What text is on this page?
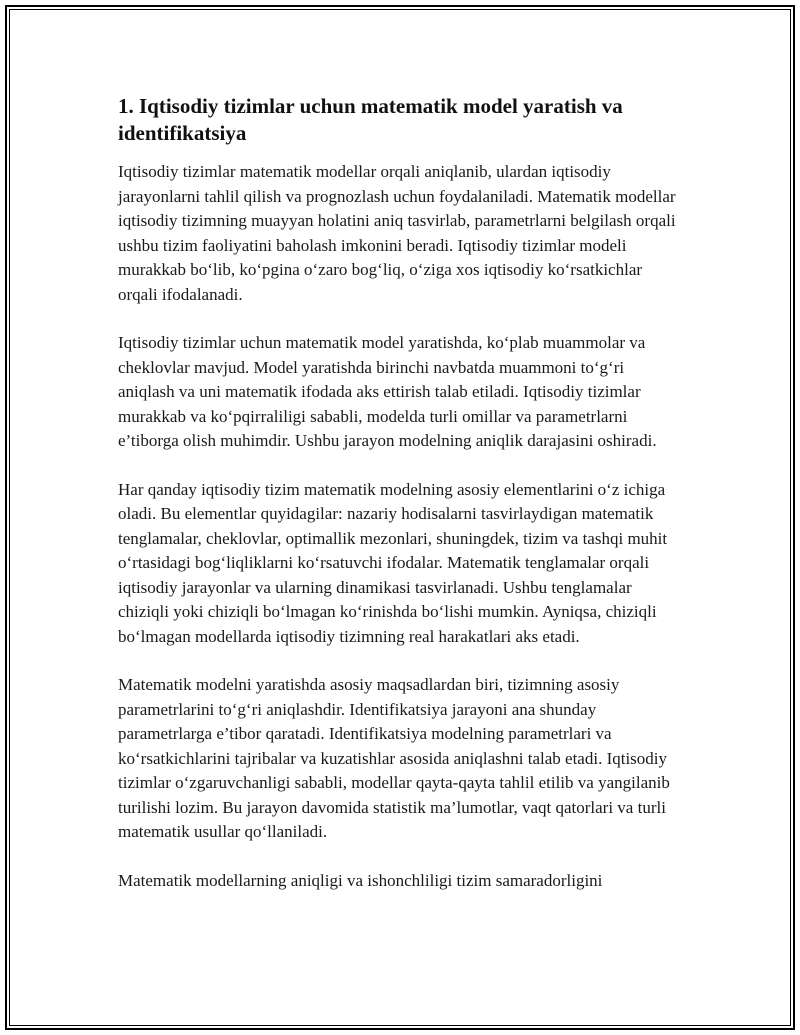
1. Iqtisodiy tizimlar uchun matematik model yaratish va identifikatsiya

Iqtisodiy tizimlar matematik modellar orqali aniqlanib, ulardan iqtisodiy jarayonlarni tahlil qilish va prognozlash uchun foydalaniladi. Matematik modellar iqtisodiy tizimning muayyan holatini aniq tasvirlab, parametrlarni belgilash orqali ushbu tizim faoliyatini baholash imkonini beradi. Iqtisodiy tizimlar modeli murakkab bo‘lib, ko‘pgina o‘zaro bog‘liq, o‘ziga xos iqtisodiy ko‘rsatkichlar orqali ifodalanadi.

Iqtisodiy tizimlar uchun matematik model yaratishda, ko‘plab muammolar va cheklovlar mavjud. Model yaratishda birinchi navbatda muammoni to‘g‘ri aniqlash va uni matematik ifodada aks ettirish talab etiladi. Iqtisodiy tizimlar murakkab va ko‘pqirraliligi sababli, modelda turli omillar va parametrlarni e’tiborga olish muhimdir. Ushbu jarayon modelning aniqlik darajasini oshiradi.

Har qanday iqtisodiy tizim matematik modelning asosiy elementlarini o‘z ichiga oladi. Bu elementlar quyidagilar: nazariy hodisalarni tasvirlaydigan matematik tenglamalar, cheklovlar, optimallik mezonlari, shuningdek, tizim va tashqi muhit o‘rtasidagi bog‘liqliklarni ko‘rsatuvchi ifodalar. Matematik tenglamalar orqali iqtisodiy jarayonlar va ularning dinamikasi tasvirlanadi. Ushbu tenglamalar chiziqli yoki chiziqli bo‘lmagan ko‘rinishda bo‘lishi mumkin. Ayniqsa, chiziqli bo‘lmagan modellarda iqtisodiy tizimning real harakatlari aks etadi.

Matematik modelni yaratishda asosiy maqsadlardan biri, tizimning asosiy parametrlarini to‘g‘ri aniqlashdir. Identifikatsiya jarayoni ana shunday parametrlarga e’tibor qaratadi. Identifikatsiya modelning parametrlari va ko‘rsatkichlarini tajribalar va kuzatishlar asosida aniqlashni talab etadi. Iqtisodiy tizimlar o‘zgaruvchanligi sababli, modellar qayta-qayta tahlil etilib va yangilanib turilishi lozim. Bu jarayon davomida statistik ma’lumotlar, vaqt qatorlari va turli matematik usullar qo‘llaniladi.

Matematik modellarning aniqligi va ishonchliligi tizim samaradorligini
